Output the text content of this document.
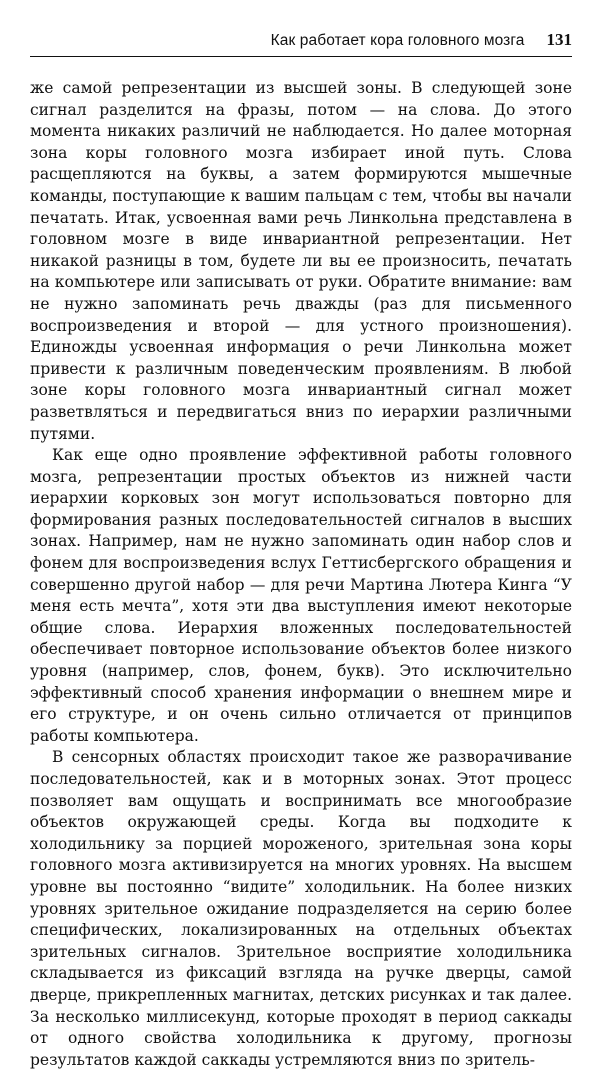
Как работает кора головного мозга 131

же самой репрезентации из высшей зоны. В следующей зоне сигнал разделится на фразы, потом — на слова. До этого момента никаких различий не наблюдается. Но далее моторная зона коры головного мозга избирает иной путь. Слова расщепляются на буквы, а затем формируются мышечные команды, поступающие к вашим пальцам с тем, чтобы вы начали печатать. Итак, усвоенная вами речь Линкольна представлена в головном мозге в виде инвариантной репрезентации. Нет никакой разницы в том, будете ли вы ее произносить, печатать на компьютере или записывать от руки. Обратите внимание: вам не нужно запоминать речь дважды (раз для письменного воспроизведения и второй — для устного произношения). Единожды усвоенная информация о речи Линкольна может привести к различным поведенческим проявлениям. В любой зоне коры головного мозга инвариантный сигнал может разветвляться и передвигаться вниз по иерархии различными путями.

Как еще одно проявление эффективной работы головного мозга, репрезентации простых объектов из нижней части иерархии корковых зон могут использоваться повторно для формирования разных последовательностей сигналов в высших зонах. Например, нам не нужно запоминать один набор слов и фонем для воспроизведения вслух Геттисбергского обращения и совершенно другой набор — для речи Мартина Лютера Кинга “У меня есть мечта”, хотя эти два выступления имеют некоторые общие слова. Иерархия вложенных последовательностей обеспечивает повторное использование объектов более низкого уровня (например, слов, фонем, букв). Это исключительно эффективный способ хранения информации о внешнем мире и его структуре, и он очень сильно отличается от принципов работы компьютера.

В сенсорных областях происходит такое же разворачивание последовательностей, как и в моторных зонах. Этот процесс позволяет вам ощущать и воспринимать все многообразие объектов окружающей среды. Когда вы подходите к холодильнику за порцией мороженого, зрительная зона коры головного мозга активизируется на многих уровнях. На высшем уровне вы постоянно “видите” холодильник. На более низких уровнях зрительное ожидание подразделяется на серию более специфических, локализированных на отдельных объектах зрительных сигналов. Зрительное восприятие холодильника складывается из фиксаций взгляда на ручке дверцы, самой дверце, прикрепленных магнитах, детских рисунках и так далее. За несколько миллисекунд, которые проходят в период саккады от одного свойства холодильника к другому, прогнозы результатов каждой саккады устремляются вниз по зритель-
